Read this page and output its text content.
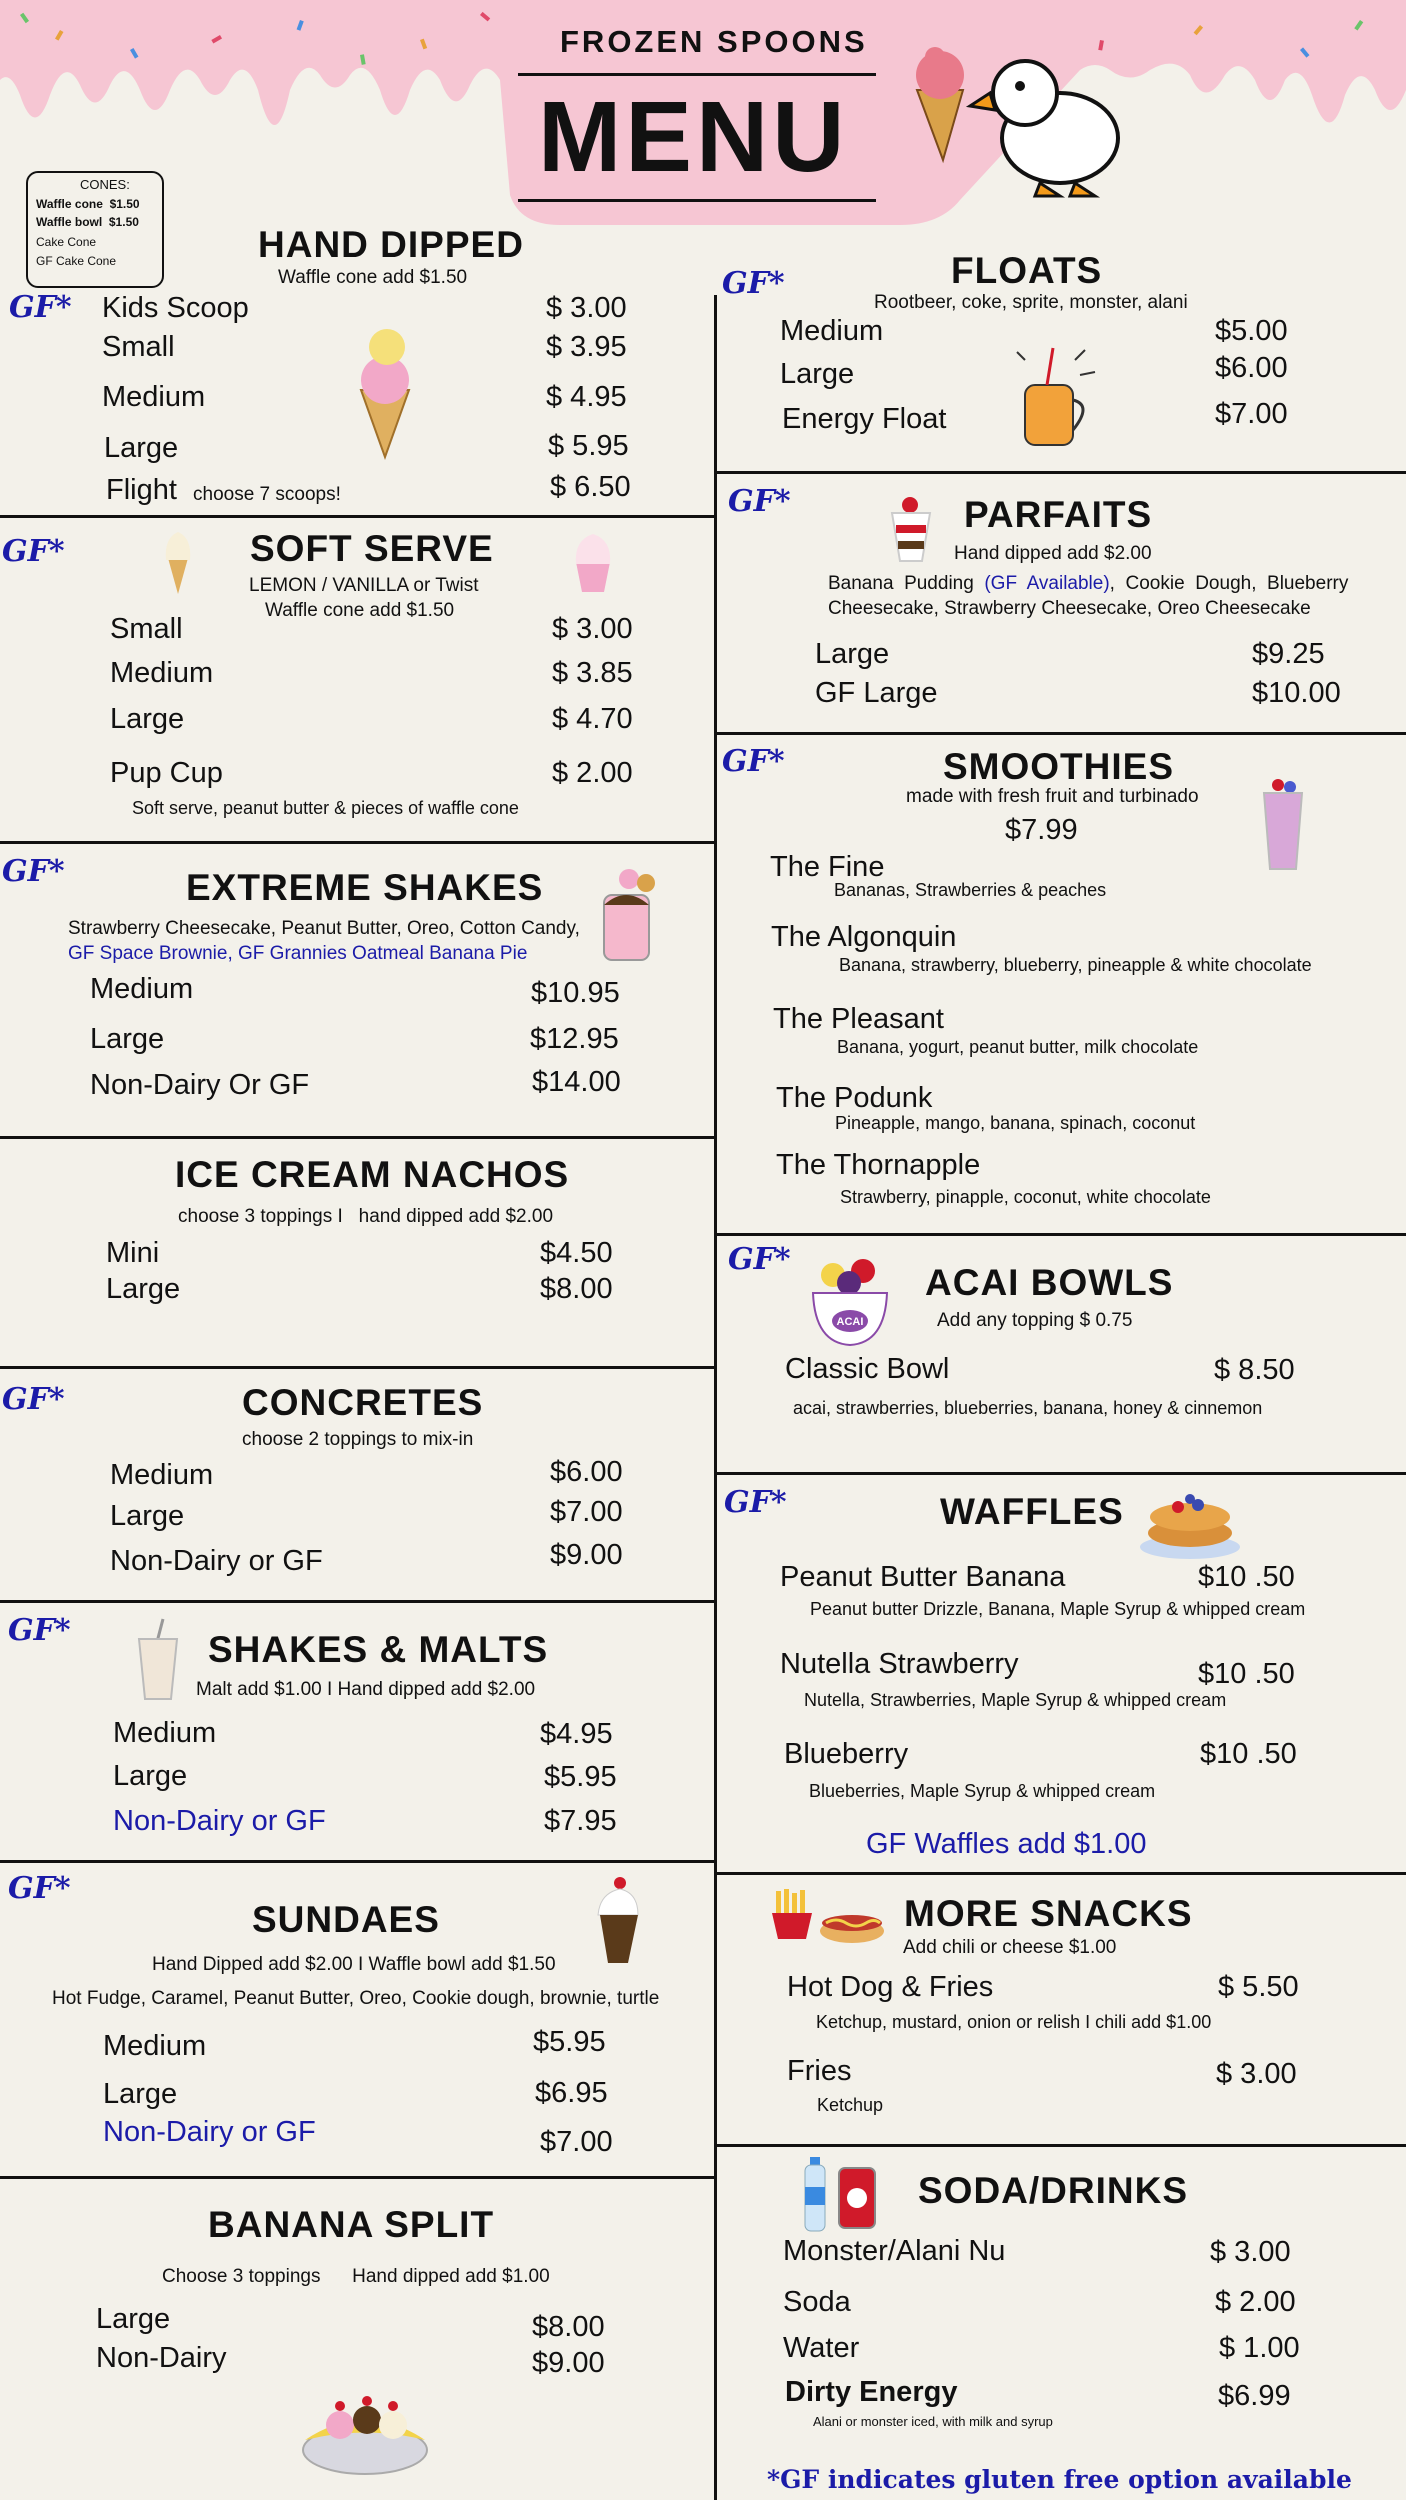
FROZEN SPOONS
MENU
CONES:
Waffle cone  $1.50
Waffle bowl  $1.50
Cake Cone
GF Cake Cone
GF*
HAND DIPPED
Waffle cone add $1.50
Kids Scoop	$ 3.00
Small	$ 3.95
Medium	$ 4.95
Large	$ 5.95
Flight choose 7 scoops!	$ 6.50
GF*	SOFT SERVE
LEMON / VANILLA or Twist
Waffle cone add $1.50
Small	$ 3.00
Medium	$ 3.85
Large	$ 4.70
Pup Cup	$ 2.00
Soft serve, peanut butter & pieces of waffle cone
GF*	EXTREME SHAKES
Strawberry Cheesecake, Peanut Butter, Oreo, Cotton Candy,
GF Space Brownie, GF Grannies Oatmeal Banana Pie
Medium	$10.95
Large	$12.95
Non-Dairy Or GF	$14.00
ICE CREAM NACHOS
choose 3 toppings I   hand dipped add $2.00
Mini	$4.50
Large	$8.00
GF*	CONCRETES
choose 2 toppings to mix-in
Medium	$6.00
Large	$7.00
Non-Dairy or GF	$9.00
GF*	SHAKES & MALTS
Malt add $1.00 I Hand dipped add $2.00
Medium	$4.95
Large	$5.95
Non-Dairy or GF	$7.95
GF*
SUNDAES
Hand Dipped add $2.00 I Waffle bowl add $1.50
Hot Fudge, Caramel, Peanut Butter, Oreo, Cookie dough, brownie, turtle
Medium	$5.95
Large	$6.95
Non-Dairy or GF	$7.00
BANANA SPLIT
Choose 3 toppings      Hand dipped add $1.00
Large	$8.00
Non-Dairy	$9.00
GF*	FLOATS
Rootbeer, coke, sprite, monster, alani
Medium	$5.00
Large	$6.00
Energy Float	$7.00
GF*	PARFAITS
Hand dipped add $2.00
Banana  Pudding  (GF  Available),  Cookie  Dough,  Blueberry
Cheesecake, Strawberry Cheesecake, Oreo Cheesecake
Large	$9.25
GF Large	$10.00
GF*	SMOOTHIES
made with fresh fruit and turbinado
$7.99
The Fine
Bananas, Strawberries & peaches
The Algonquin
Banana, strawberry, blueberry, pineapple & white chocolate
The Pleasant
Banana, yogurt, peanut butter, milk chocolate
The Podunk
Pineapple, mango, banana, spinach, coconut
The Thornapple
Strawberry, pinapple, coconut, white chocolate
GF*
ACAI
ACAI BOWLS
Add any topping $ 0.75
Classic Bowl	$ 8.50
acai, strawberries, blueberries, banana, honey & cinnemon
GF*	WAFFLES
Peanut Butter Banana	$10 .50
Peanut butter Drizzle, Banana, Maple Syrup & whipped cream
Nutella Strawberry	$10 .50
Nutella, Strawberries, Maple Syrup & whipped cream
Blueberry	$10 .50
Blueberries, Maple Syrup & whipped cream
GF Waffles add $1.00
MORE SNACKS
Add chili or cheese $1.00
Hot Dog & Fries	$ 5.50
Ketchup, mustard, onion or relish I chili add $1.00
Fries	$ 3.00
Ketchup
SODA/DRINKS
Monster/Alani Nu	$ 3.00
Soda	$ 2.00
Water	$ 1.00
Dirty Energy	$6.99
Alani or monster iced, with milk and syrup
*GF indicates gluten free option available
